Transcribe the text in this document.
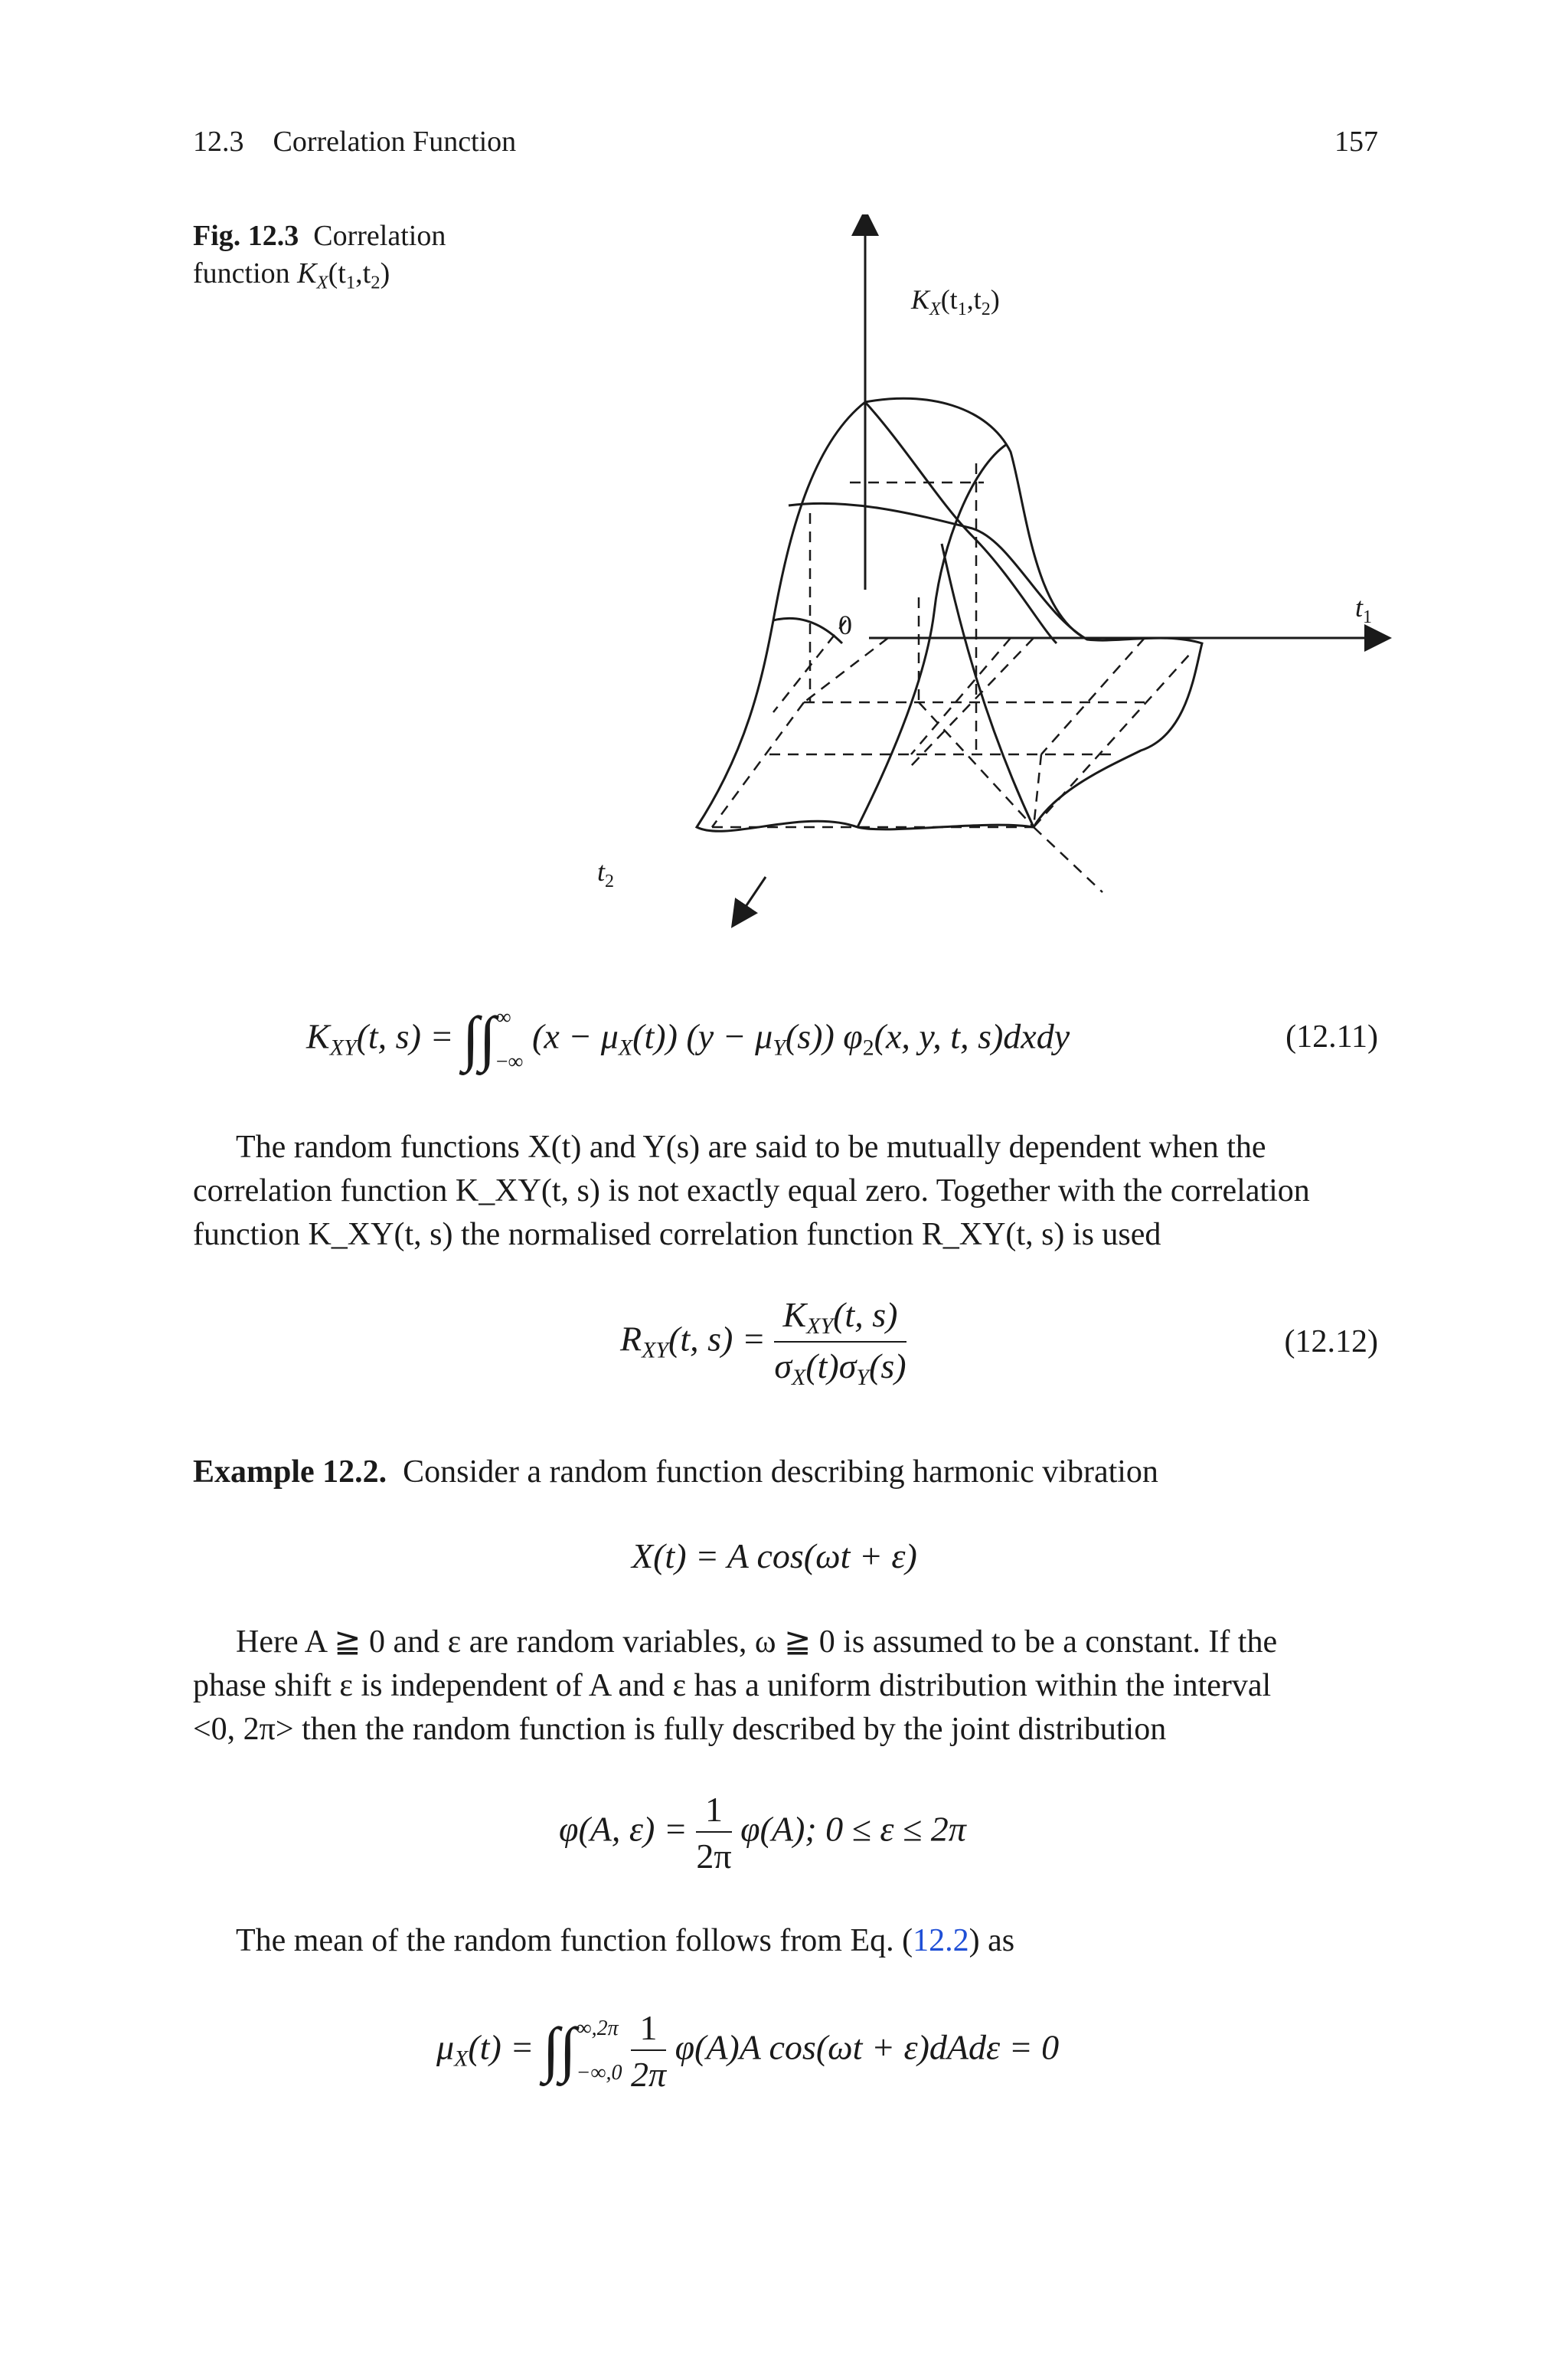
12.3    Correlation Function	157
Fig. 12.3 Correlation
function $K_X(t_1,t_2)$
$K_X(t_1,t_2)$
$t_1$
$t_2$
0
$K_{XY}(t$, s) = ∫∫ ∞
−∞
$(x - \mu_X(t))$ $(y - \mu_Y(s))$ $\varphi_2(x$, y, t, s)dxdy	(12.11)

The random functions X(t) and Y(s) are said to be mutually dependent when the

correlation function K_XY(t, s) is not exactly equal zero. Together with the correlation

function K_XY(t, s) the normalised correlation function R_XY(t, s) is used

$R_{XY}(t$, $s) = \frac{K_{XY}(t, s)}{\sigma_X(t)\sigma_Y(s)}$	(12.12)
Example 12.2. Consider a random function describing harmonic vibration
X(t) = A cos(ωt + ε)

Here A ≧ 0 and ε are random variables, ω ≧ 0 is assumed to be a constant. If the

phase shift ε is independent of A and ε has a uniform distribution within the interval

<0, 2π> then the random function is fully described by the joint distribution

φ(A, $\varepsilon) = \frac{1}{2\pi} \varphi(A)$; 0 ≤ ε ≤ 2π

The mean of the random function follows from Eq. (12.2) as

$\mu_X(t)$ = ∫∫ ∞,2π
−∞,0
$\frac{1}{2\pi} \varphi(A)A$ cos(ωt + ε)dAdε = 0
